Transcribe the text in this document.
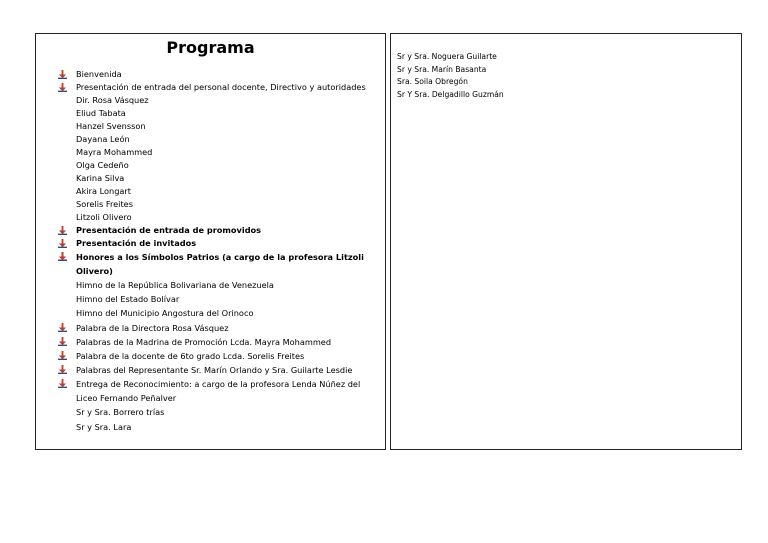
Programa
Bienvenida
Presentación de entrada del personal docente, Directivo y autoridades
Dir. Rosa Vásquez
Eliud Tabata
Hanzel Svensson
Dayana León
Mayra Mohammed
Olga Cedeño
Karina Silva
Akira Longart
Sorelis Freites
Litzoli Olivero
Presentación de entrada de promovidos
Presentación de invitados
Honores a los Símbolos Patrios (a cargo de la profesora Litzoli Olivero)
Himno de la República Bolivariana de Venezuela
Himno del Estado Bolívar
Himno del Municipio Angostura del Orinoco
Palabra de la Directora Rosa Vásquez
Palabras de la Madrina de Promoción Lcda. Mayra Mohammed
Palabra de la docente de 6to grado Lcda. Sorelis Freites
Palabras del Representante Sr. Marín Orlando y Sra. Guilarte Lesdie
Entrega de Reconocimiento: a cargo de la profesora Lenda Núñez del Liceo Fernando Peñalver
Sr y Sra. Borrero trías
Sr y Sra. Lara
Sr y Sra. Noguera Guilarte
Sr y Sra. Marín Basanta
Sra. Soila Obregón
Sr Y Sra. Delgadillo Guzmán
